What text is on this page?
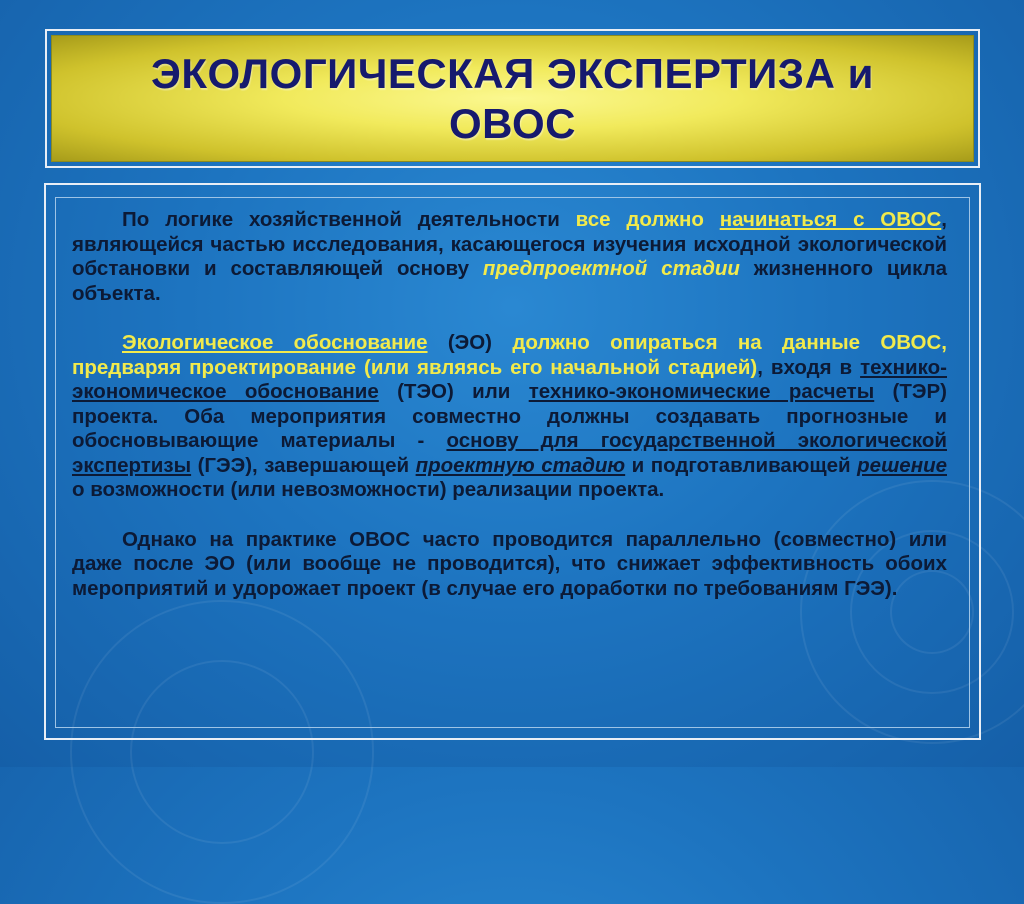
ЭКОЛОГИЧЕСКАЯ ЭКСПЕРТИЗА и
ОВОС

По логике хозяйственной деятельности все должно начинаться с ОВОС, являющейся частью исследования, касающегося изучения исходной экологической обстановки и составляющей основу предпроектной стадии жизненного цикла объекта.

Экологическое обоснование (ЭО) должно опираться на данные ОВОС, предваряя проектирование (или являясь его начальной стадией), входя в технико-экономическое обоснование (ТЭО) или технико-экономические расчеты (ТЭР) проекта. Оба мероприятия совместно должны создавать прогнозные и обосновывающие материалы - основу для государственной экологической экспертизы (ГЭЭ), завершающей проектную стадию и подготавливающей решение о возможности (или невозможности) реализации проекта.

Однако на практике ОВОС часто проводится параллельно (совместно) или даже после ЭО (или вообще не проводится), что снижает эффективность обоих мероприятий и удорожает проект (в случае его доработки по требованиям ГЭЭ).
